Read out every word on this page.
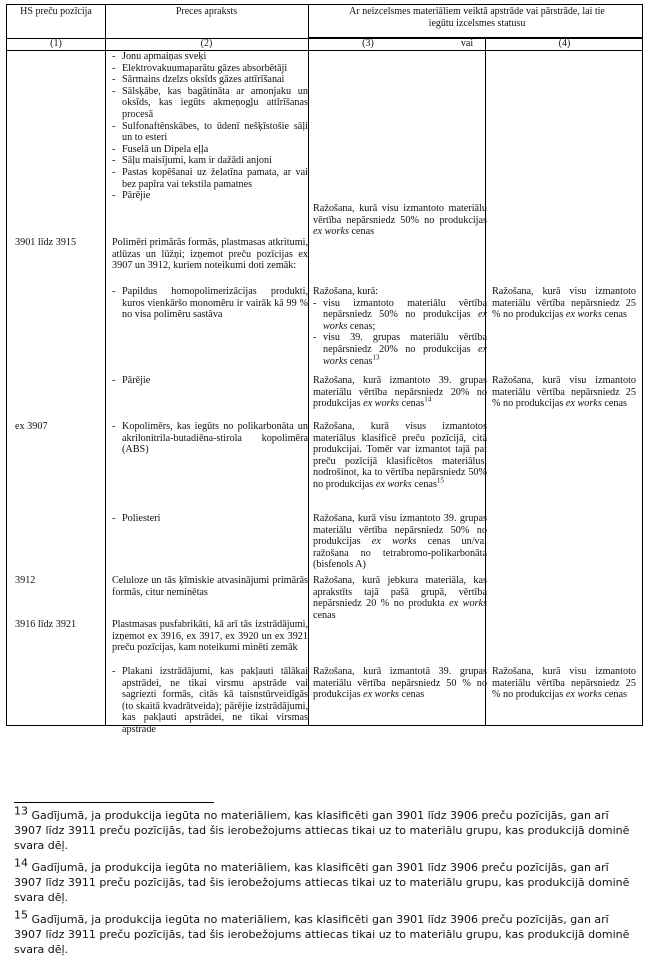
HS preču pozīcija	Preces apraksts	Ar neizcelsmes materiāliem veiktā apstrāde vai pārstrāde, lai tie iegūtu izcelsmes statusu
(1)	(2)	(3)	vai	(4)
- Jonu apmaiņas sveķi
- Elektrovakuumaparātu gāzes absorbētāji
- Sārmains dzelzs oksīds gāzes attīrīšanai
- Sālsķābe, kas bagātināta ar amonjaku un oksīds, kas iegūts akmeņogļu attīrīšanas procesā
- Sulfonaftēnskābes, to ūdenī nešķīstošie sāļi un to esteri
- Fuselā un Dipela eļļa
- Sāļu maisījumi, kam ir dažādi anjoni
- Pastas kopēšanai uz želatīna pamata, ar vai bez papīra vai tekstila pamatnes
- Pārējie
Ražošana, kurā visu izmantoto materiālu vērtība nepārsniedz 50% no produkcijas ex works cenas
3901 līdz 3915	Polimēri primārās formās, plastmasas atkritumi, atlūzas un lūžņi; izņemot preču pozīcijas ex 3907 un 3912, kuriem noteikumi doti zemāk:
- Papildus homopolimerizācijas produkti, kuros vienkāršo monomēru ir vairāk kā 99 % no visa polimēru sastāva
Ražošana, kurā:
- visu izmantoto materiālu vērtība nepārsniedz 50% no produkcijas ex works cenas;
- visu 39. grupas materiālu vērtība nepārsniedz 20% no produkcijas ex works cenas$^{13}$
Ražošana, kurā visu izmantoto materiālu vērtība nepārsniedz 25 % no produkcijas ex works cenas
- Pārējie	Ražošana, kurā izmantoto 39. grupas materiālu vērtība nepārsniedz 20% no produkcijas ex works cenas$^{14}$
Ražošana, kurā visu izmantoto materiālu vērtība nepārsniedz 25 % no produkcijas ex works cenas
ex 3907
-	Kopolimērs, kas iegūts no polikarbonāta un akrilonitrila-butadiēna-stirola kopolimēra (ABS)
Ražošana, kurā visus izmantotos materiālus klasificē preču pozīcijā, citā produkcijai. Tomēr var izmantot tajā pat preču pozīcijā klasificētos materiālus, nodrošinot, ka to vērtība nepārsniedz 50% no produkcijas ex works cenas$^{15}$
- Poliesteri	Ražošana, kurā visu izmantoto 39. grupas materiālu vērtība nepārsniedz 50% no produkcijas ex works cenas un/vai ražošana no tetrabromo-polikarbonāta (bisfenols A)
3912	Celuloze un tās ķīmiskie atvasinājumi primārās formās, citur neminētas
Ražošana, kurā jebkura materiāla, kas aprakstīts tajā pašā grupā, vērtība nepārsniedz 20 % no produkta ex works cenas
3916 līdz 3921	Plastmasas pusfabrikāti, kā arī tās izstrādājumi, izņemot ex 3916, ex 3917, ex 3920 un ex 3921 preču pozīcijas, kam noteikumi minēti zemāk
- Plakani izstrādājumi, kas pakļauti tālākai apstrādei, ne tikai virsmu apstrāde vai sagriezti formās, citās kā taisnstūrveidīgās (to skaitā kvadrātveida); pārējie izstrādājumi, kas pakļauti apstrādei, ne tikai virsmas apstrāde
Ražošana, kurā izmantotā 39. grupas materiālu vērtība nepārsniedz 50 % no produkcijas ex works cenas
Ražošana, kurā visu izmantoto materiālu vērtība nepārsniedz 25 % no produkcijas ex works cenas
$^{13}$ Gadījumā, ja produkcija iegūta no materiāliem, kas klasificēti gan 3901 līdz 3906 preču pozīcijās, gan arī 3907 līdz 3911 preču pozīcijās, tad šis ierobežojums attiecas tikai uz to materiālu grupu, kas produkcijā dominē svara dēļ.
$^{14}$ Gadījumā, ja produkcija iegūta no materiāliem, kas klasificēti gan 3901 līdz 3906 preču pozīcijās, gan arī 3907 līdz 3911 preču pozīcijās, tad šis ierobežojums attiecas tikai uz to materiālu grupu, kas produkcijā dominē svara dēļ.
$^{15}$ Gadījumā, ja produkcija iegūta no materiāliem, kas klasificēti gan 3901 līdz 3906 preču pozīcijās, gan arī 3907 līdz 3911 preču pozīcijās, tad šis ierobežojums attiecas tikai uz to materiālu grupu, kas produkcijā dominē svara dēļ.
